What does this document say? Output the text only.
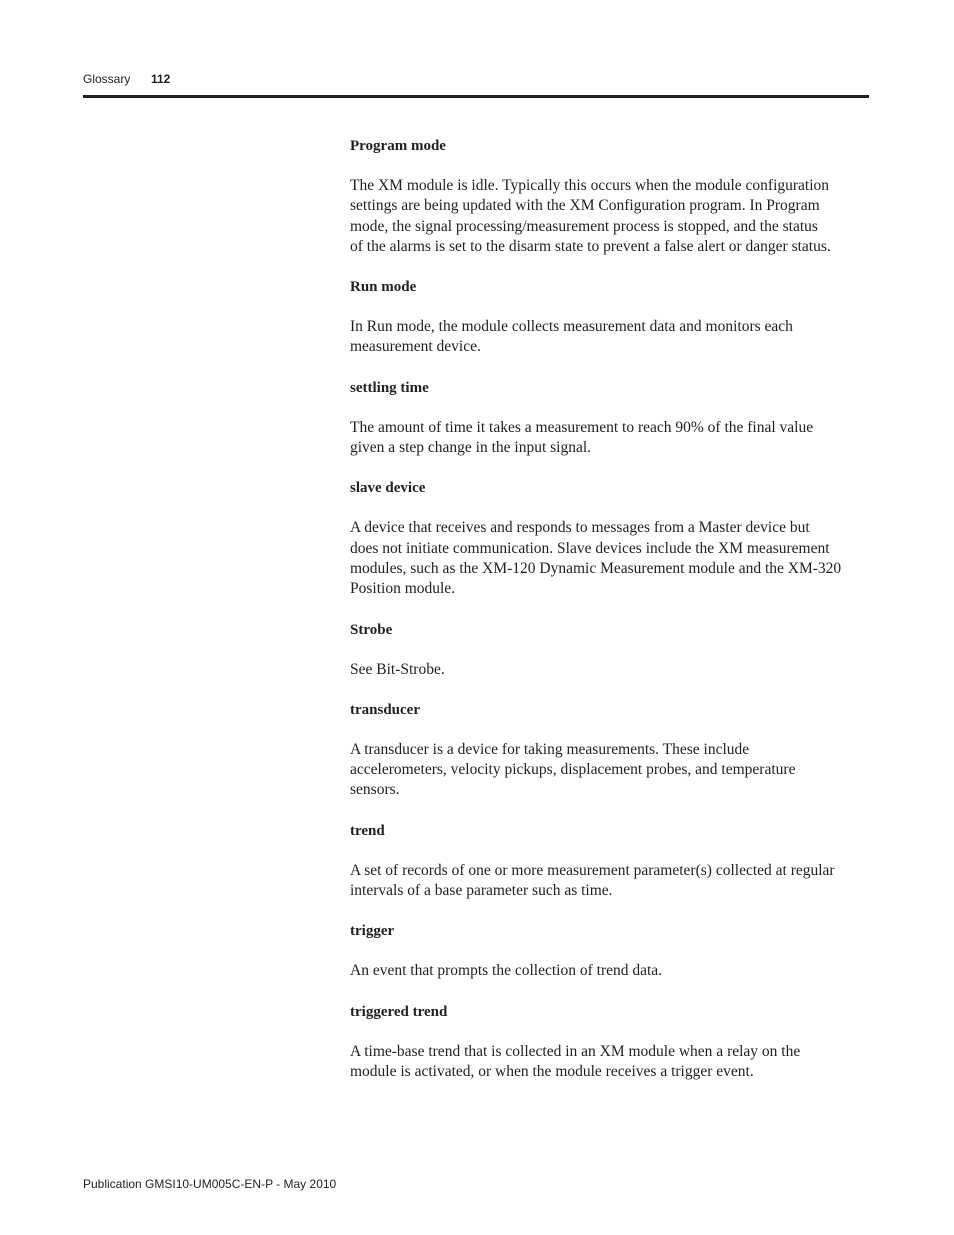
Glossary 112
Program mode
The XM module is idle. Typically this occurs when the module configuration
settings are being updated with the XM Configuration program. In Program
mode, the signal processing/measurement process is stopped, and the status
of the alarms is set to the disarm state to prevent a false alert or danger status.
Run mode
In Run mode, the module collects measurement data and monitors each
measurement device.
settling time
The amount of time it takes a measurement to reach 90% of the final value
given a step change in the input signal.
slave device
A device that receives and responds to messages from a Master device but
does not initiate communication. Slave devices include the XM measurement
modules, such as the XM-120 Dynamic Measurement module and the XM-320
Position module.
Strobe
See Bit-Strobe.
transducer
A transducer is a device for taking measurements. These include
accelerometers, velocity pickups, displacement probes, and temperature
sensors.
trend
A set of records of one or more measurement parameter(s) collected at regular
intervals of a base parameter such as time.
trigger
An event that prompts the collection of trend data.
triggered trend
A time-base trend that is collected in an XM module when a relay on the
module is activated, or when the module receives a trigger event.
Publication GMSI10-UM005C-EN-P - May 2010
